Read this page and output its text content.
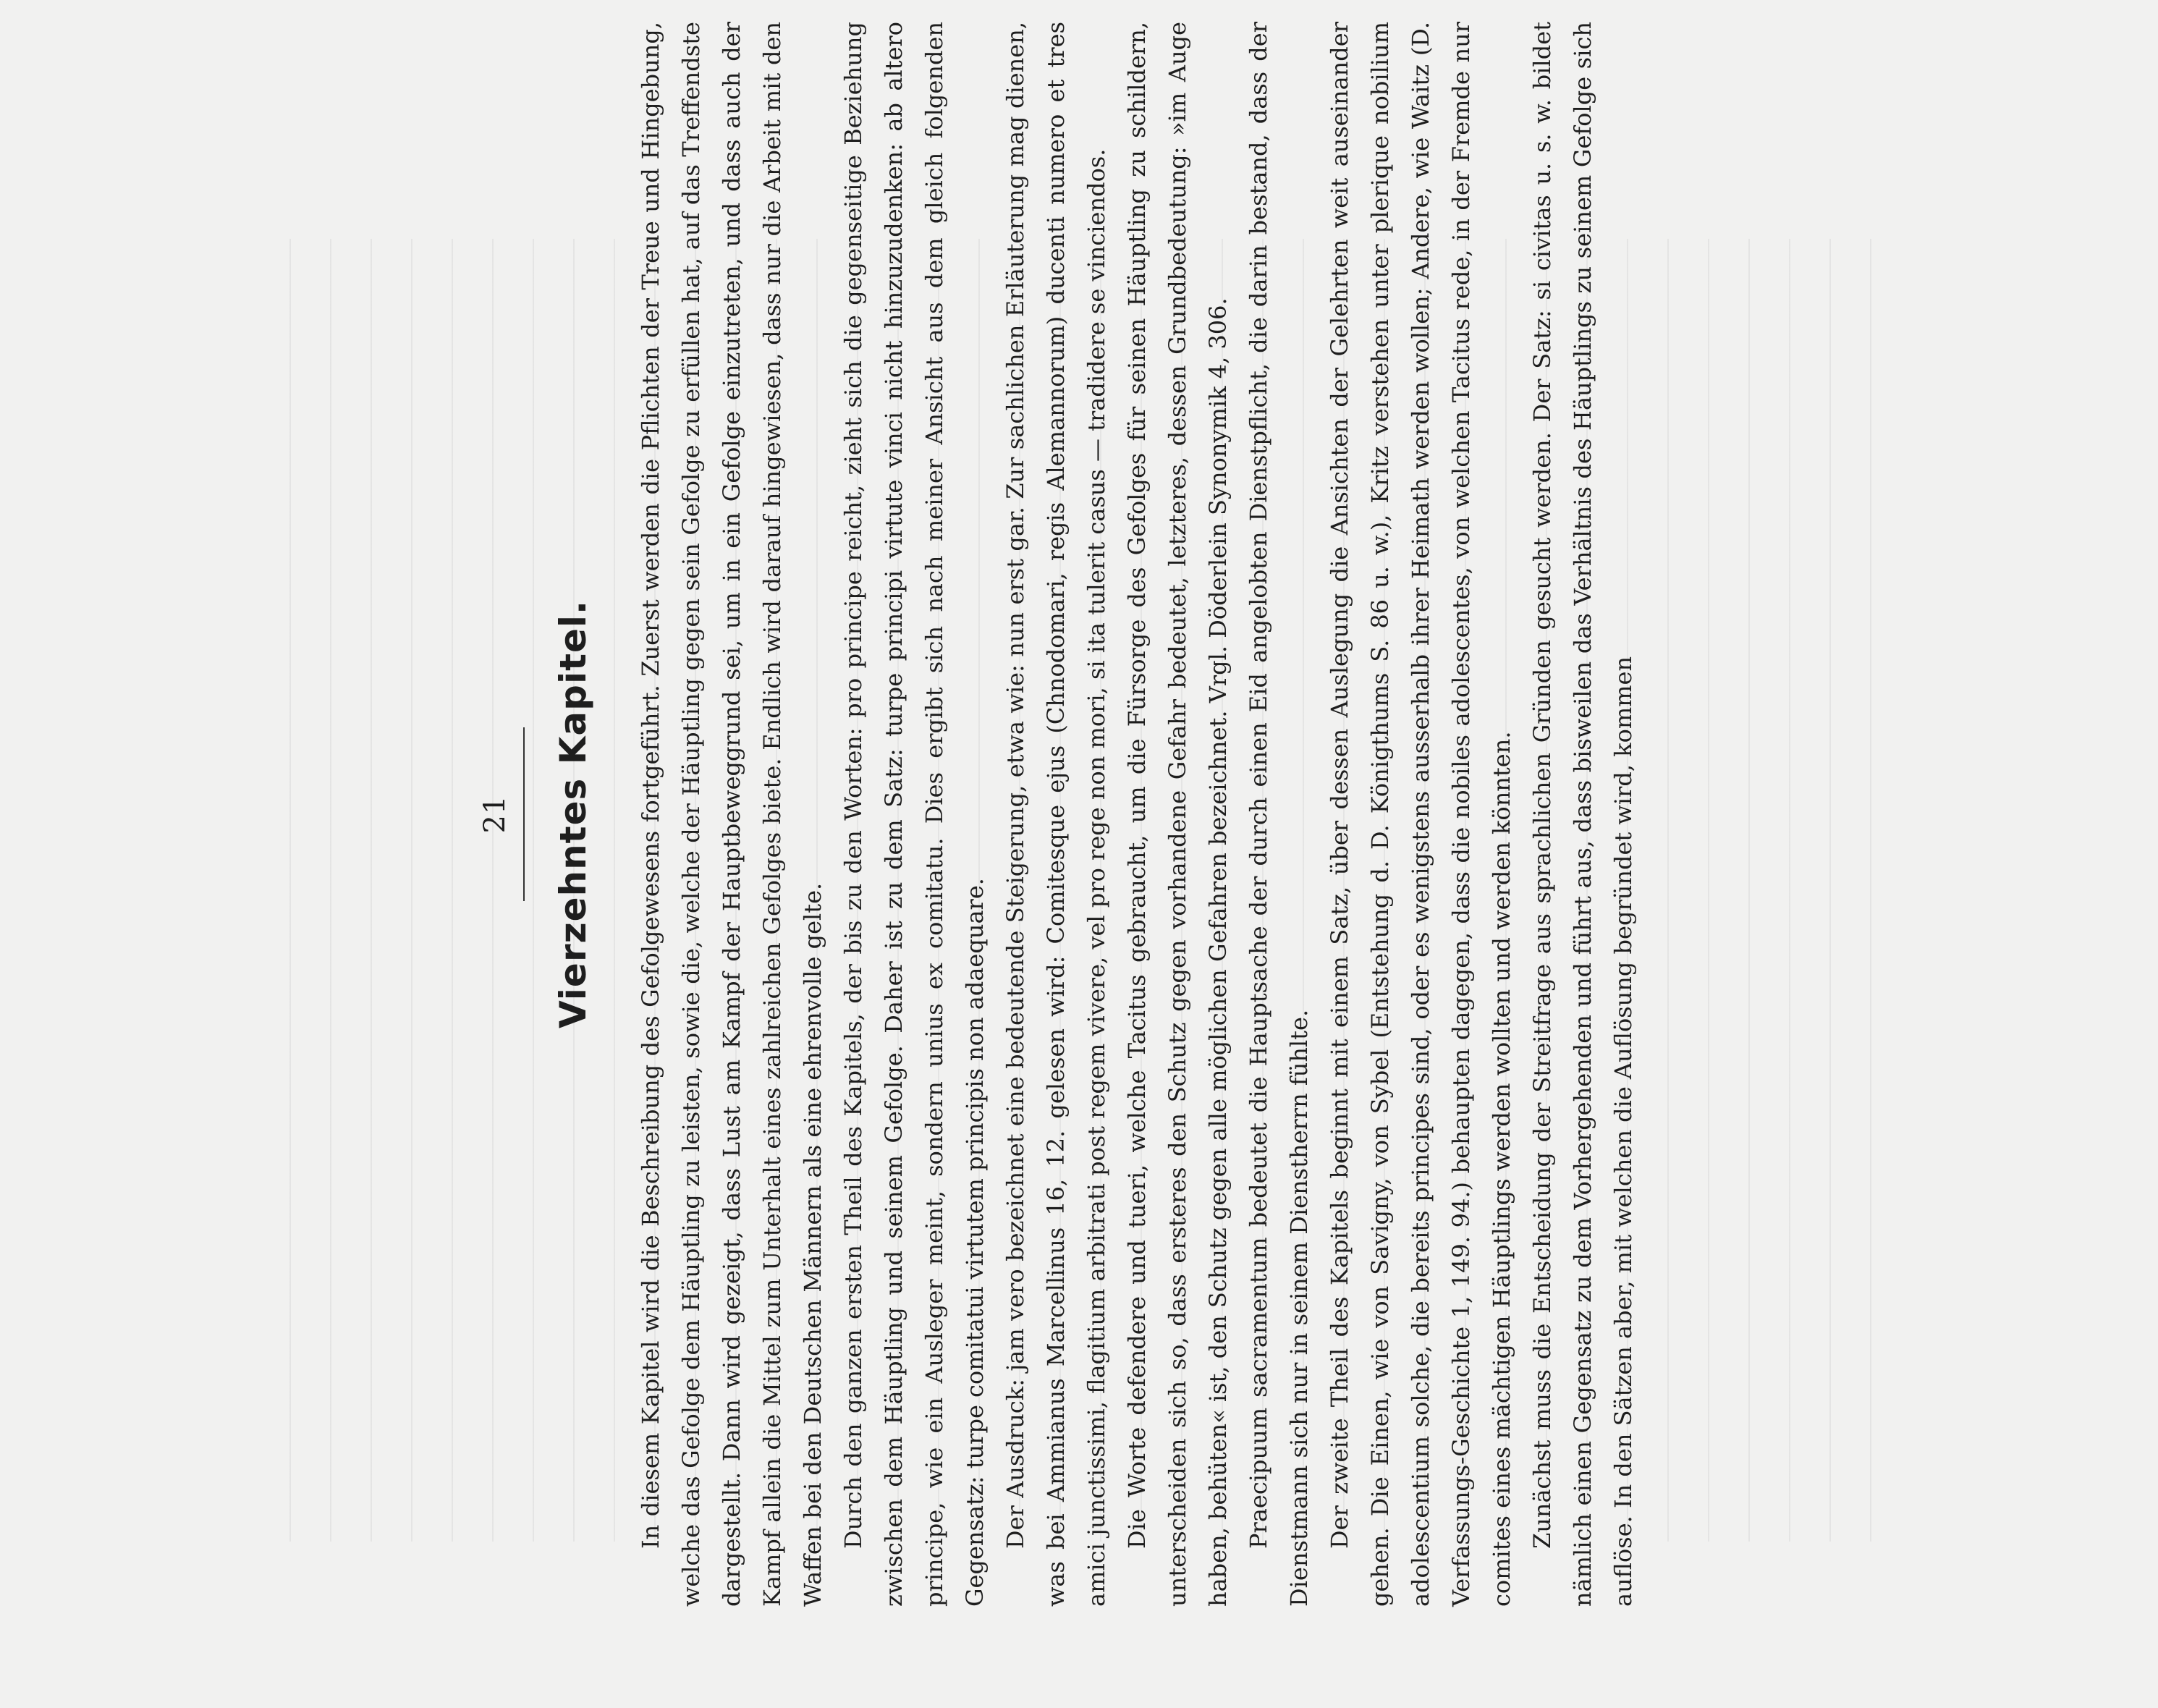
21 Vierzehntes Kapitel. In diesem Kapitel wird die Beschreibung des Gefolgewesens fortgeführt. Zuerst werden die Pflichten der Treue und Hingebung, welche das Gefolge dem Häuptling zu leisten, sowie die, welche der Häuptling gegen sein Gefolge zu erfüllen hat, auf das Treffendste dargestellt. Dann wird gezeigt, dass Lust am Kampf der Hauptbeweggrund sei, um in ein Gefolge einzutreten, und dass auch der Kampf allein die Mittel zum Unterhalt eines zahlreichen Gefolges biete. Endlich wird darauf hingewiesen, dass nur die Arbeit mit den Waffen bei den Deutschen Männern als eine ehrenvolle gelte. Durch den ganzen ersten Theil des Kapitels, der bis zu den Worten: pro principe reicht, zieht sich die gegenseitige Beziehung zwischen dem Häuptling und seinem Gefolge. Daher ist zu dem Satz: turpe principi virtute vinci nicht hinzuzudenken: ab altero principe, wie ein Ausleger meint, sondern unius ex comitatu. Dies ergibt sich nach meiner Ansicht aus dem gleich folgenden Gegensatz: turpe comitatui virtutem principis non adaequare. Der Ausdruck: jam vero bezeichnet eine bedeutende Steigerung, etwa wie: nun erst gar. Zur sachlichen Erläuterung mag dienen, was bei Ammianus Marcellinus 16, 12. gelesen wird: Comitesque ejus (Chnodomari, regis Alemannorum) ducenti numero et tres amici junctissimi, flagitium arbitrati post regem vivere, vel pro rege non mori, si ita tulerit casus — tradidere se vinciendos. Die Worte defendere und tueri, welche Tacitus gebraucht, um die Fürsorge des Gefolges für seinen Häuptling zu schildern, unterscheiden sich so, dass ersteres den Schutz gegen vorhandene Gefahr bedeutet, letzteres, dessen Grundbedeutung: »im Auge haben, behüten« ist, den Schutz gegen alle möglichen Gefahren bezeichnet. Vrgl. Döderlein Synonymik 4, 306. Praecipuum sacramentum bedeutet die Hauptsache der durch einen Eid angelobten Dienstpflicht, die darin bestand, dass der Dienstmann sich nur in seinem Dienstherrn fühlte. Der zweite Theil des Kapitels beginnt mit einem Satz, über dessen Auslegung die Ansichten der Gelehrten weit auseinander gehen. Die Einen, wie von Savigny, von Sybel (Entstehung d. D. Königthums S. 86 u. w.), Kritz verstehen unter plerique nobilium adolescentium solche, die bereits principes sind, oder es wenigstens ausserhalb ihrer Heimath werden wollen; Andere, wie Waitz (D. Verfassungs-Geschichte 1, 149. 94.) behaupten dagegen, dass die nobiles adolescentes, von welchen Tacitus rede, in der Fremde nur comites eines mächtigen Häuptlings werden wollten und werden könnten. Zunächst muss die Entscheidung der Streitfrage aus sprachlichen Gründen gesucht werden. Der Satz: si civitas u. s. w. bildet nämlich einen Gegensatz zu dem Vorhergehenden und führt aus, dass bisweilen das Verhältnis des Häuptlings zu seinem Gefolge sich auflöse. In den Sätzen aber, mit welchen die Auflösung begründet wird, kommen
